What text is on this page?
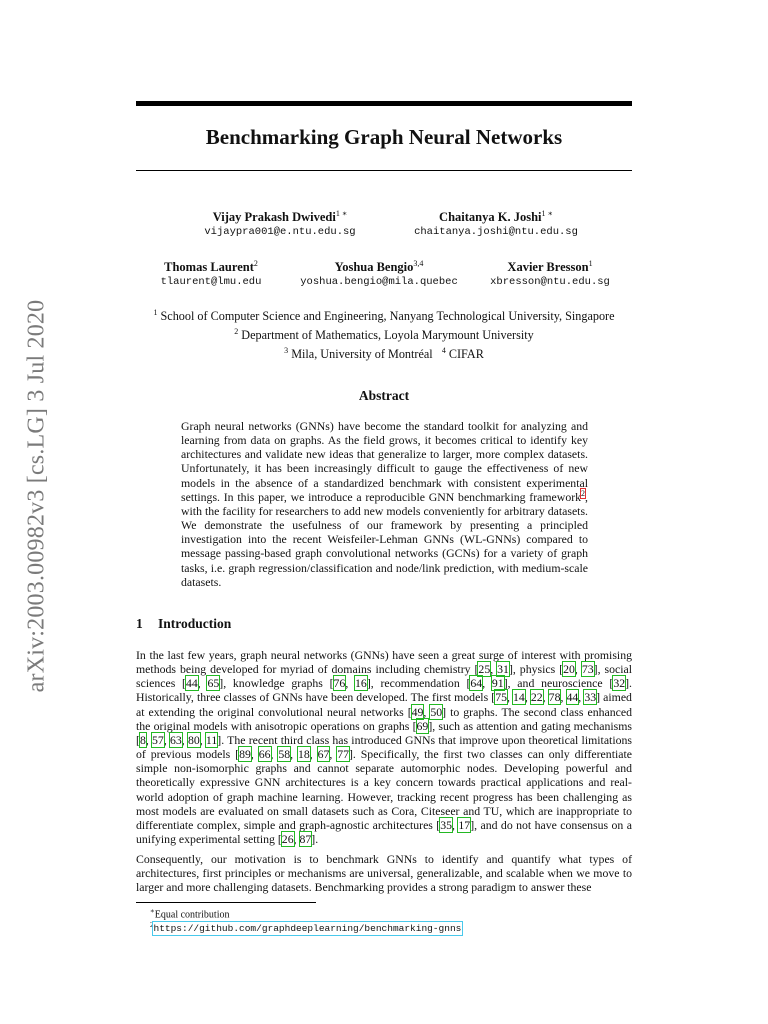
arXiv:2003.00982v3 [cs.LG] 3 Jul 2020
Benchmarking Graph Neural Networks
Vijay Prakash Dwivedi$^{1 ∗}$
vijaypra001@e.ntu.edu.sg
Chaitanya K. Joshi$^{1 ∗}$
chaitanya.joshi@ntu.edu.sg
Thomas Laurent$^2$
tlaurent@lmu.edu
Yoshua Bengio$^{3,4}$
yoshua.bengio@mila.quebec
Xavier Bresson$^1$
xbresson@ntu.edu.sg
$^1$ School of Computer Science and Engineering, Nanyang Technological University, Singapore
$^2$ Department of Mathematics, Loyola Marymount University
$^3$ Mila, University of Montréal $^4$ CIFAR
Abstract
Graph neural networks (GNNs) have become the standard toolkit for analyzing and learning from data on graphs. As the field grows, it becomes critical to identify key architectures and validate new ideas that generalize to larger, more complex datasets. Unfortunately, it has been increasingly difficult to gauge the effectiveness of new models in the absence of a standardized benchmark with consistent experimental settings. In this paper, we introduce a reproducible GNN benchmarking framework$^2$, with the facility for researchers to add new models conveniently for arbitrary datasets. We demonstrate the usefulness of our framework by presenting a principled investigation into the recent Weisfeiler-Lehman GNNs (WL-GNNs) compared to message passing-based graph convolutional networks (GCNs) for a variety of graph tasks, i.e. graph regression/classification and node/link prediction, with medium-scale datasets.
1 Introduction
In the last few years, graph neural networks (GNNs) have seen a great surge of interest with promising methods being developed for myriad of domains including chemistry [25, 31], physics [20, 73], social sciences [44, 65], knowledge graphs [76, 16], recommendation [64, 91], and neuroscience [32]. Historically, three classes of GNNs have been developed. The first models [75, 14, 22, 78, 44, 33] aimed at extending the original convolutional neural networks [49, 50] to graphs. The second class enhanced the original models with anisotropic operations on graphs [69], such as attention and gating mechanisms [8, 57, 63, 80, 11]. The recent third class has introduced GNNs that improve upon theoretical limitations of previous models [89, 66, 58, 18, 67, 77]. Specifically, the first two classes can only differentiate simple non-isomorphic graphs and cannot separate automorphic nodes. Developing powerful and theoretically expressive GNN architectures is a key concern towards practical applications and real-world adoption of graph machine learning. However, tracking recent progress has been challenging as most models are evaluated on small datasets such as Cora, Citeseer and TU, which are inappropriate to differentiate complex, simple and graph-agnostic architectures [35, 17], and do not have consensus on a unifying experimental setting [26, 87].
Consequently, our motivation is to benchmark GNNs to identify and quantify what types of architectures, first principles or mechanisms are universal, generalizable, and scalable when we move to larger and more challenging datasets. Benchmarking provides a strong paradigm to answer these
∗Equal contribution
$^2$https://github.com/graphdeeplearning/benchmarking-gnns
